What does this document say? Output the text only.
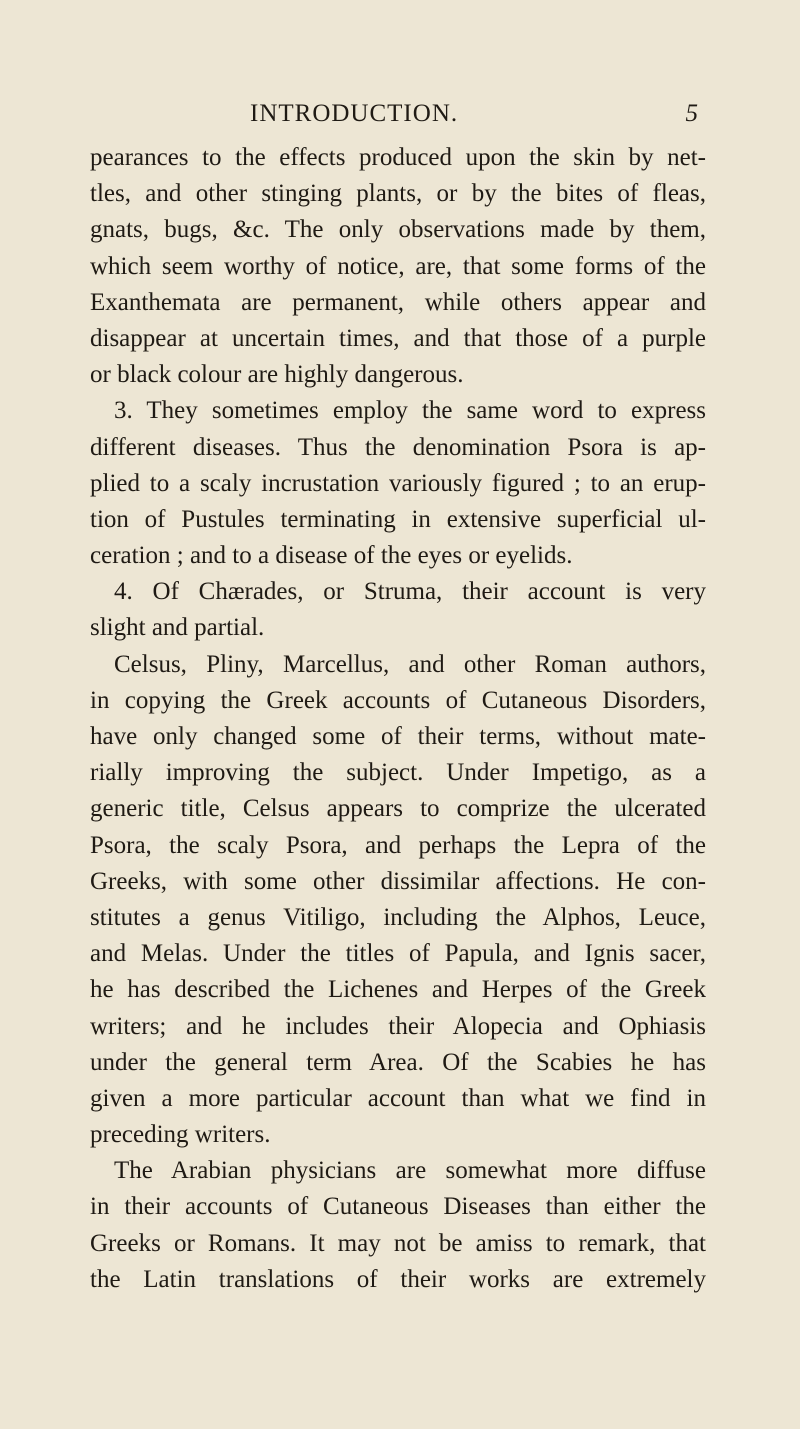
INTRODUCTION.	5
pearances to the effects produced upon the skin by net-
tles, and other stinging plants, or by the bites of fleas,
gnats, bugs, &c. The only observations made by them,
which seem worthy of notice, are, that some forms of the
Exanthemata are permanent, while others appear and
disappear at uncertain times, and that those of a purple
or black colour are highly dangerous.
3. They sometimes employ the same word to express
different diseases. Thus the denomination Psora is ap-
plied to a scaly incrustation variously figured ; to an erup-
tion of Pustules terminating in extensive superficial ul-
ceration ; and to a disease of the eyes or eyelids.
4. Of Chærades, or Struma, their account is very
slight and partial.
Celsus, Pliny, Marcellus, and other Roman authors,
in copying the Greek accounts of Cutaneous Disorders,
have only changed some of their terms, without mate-
rially improving the subject. Under Impetigo, as a
generic title, Celsus appears to comprize the ulcerated
Psora, the scaly Psora, and perhaps the Lepra of the
Greeks, with some other dissimilar affections. He con-
stitutes a genus Vitiligo, including the Alphos, Leuce,
and Melas. Under the titles of Papula, and Ignis sacer,
he has described the Lichenes and Herpes of the Greek
writers; and he includes their Alopecia and Ophiasis
under the general term Area. Of the Scabies he has
given a more particular account than what we find in
preceding writers.
The Arabian physicians are somewhat more diffuse
in their accounts of Cutaneous Diseases than either the
Greeks or Romans. It may not be amiss to remark, that
the Latin translations of their works are extremely
